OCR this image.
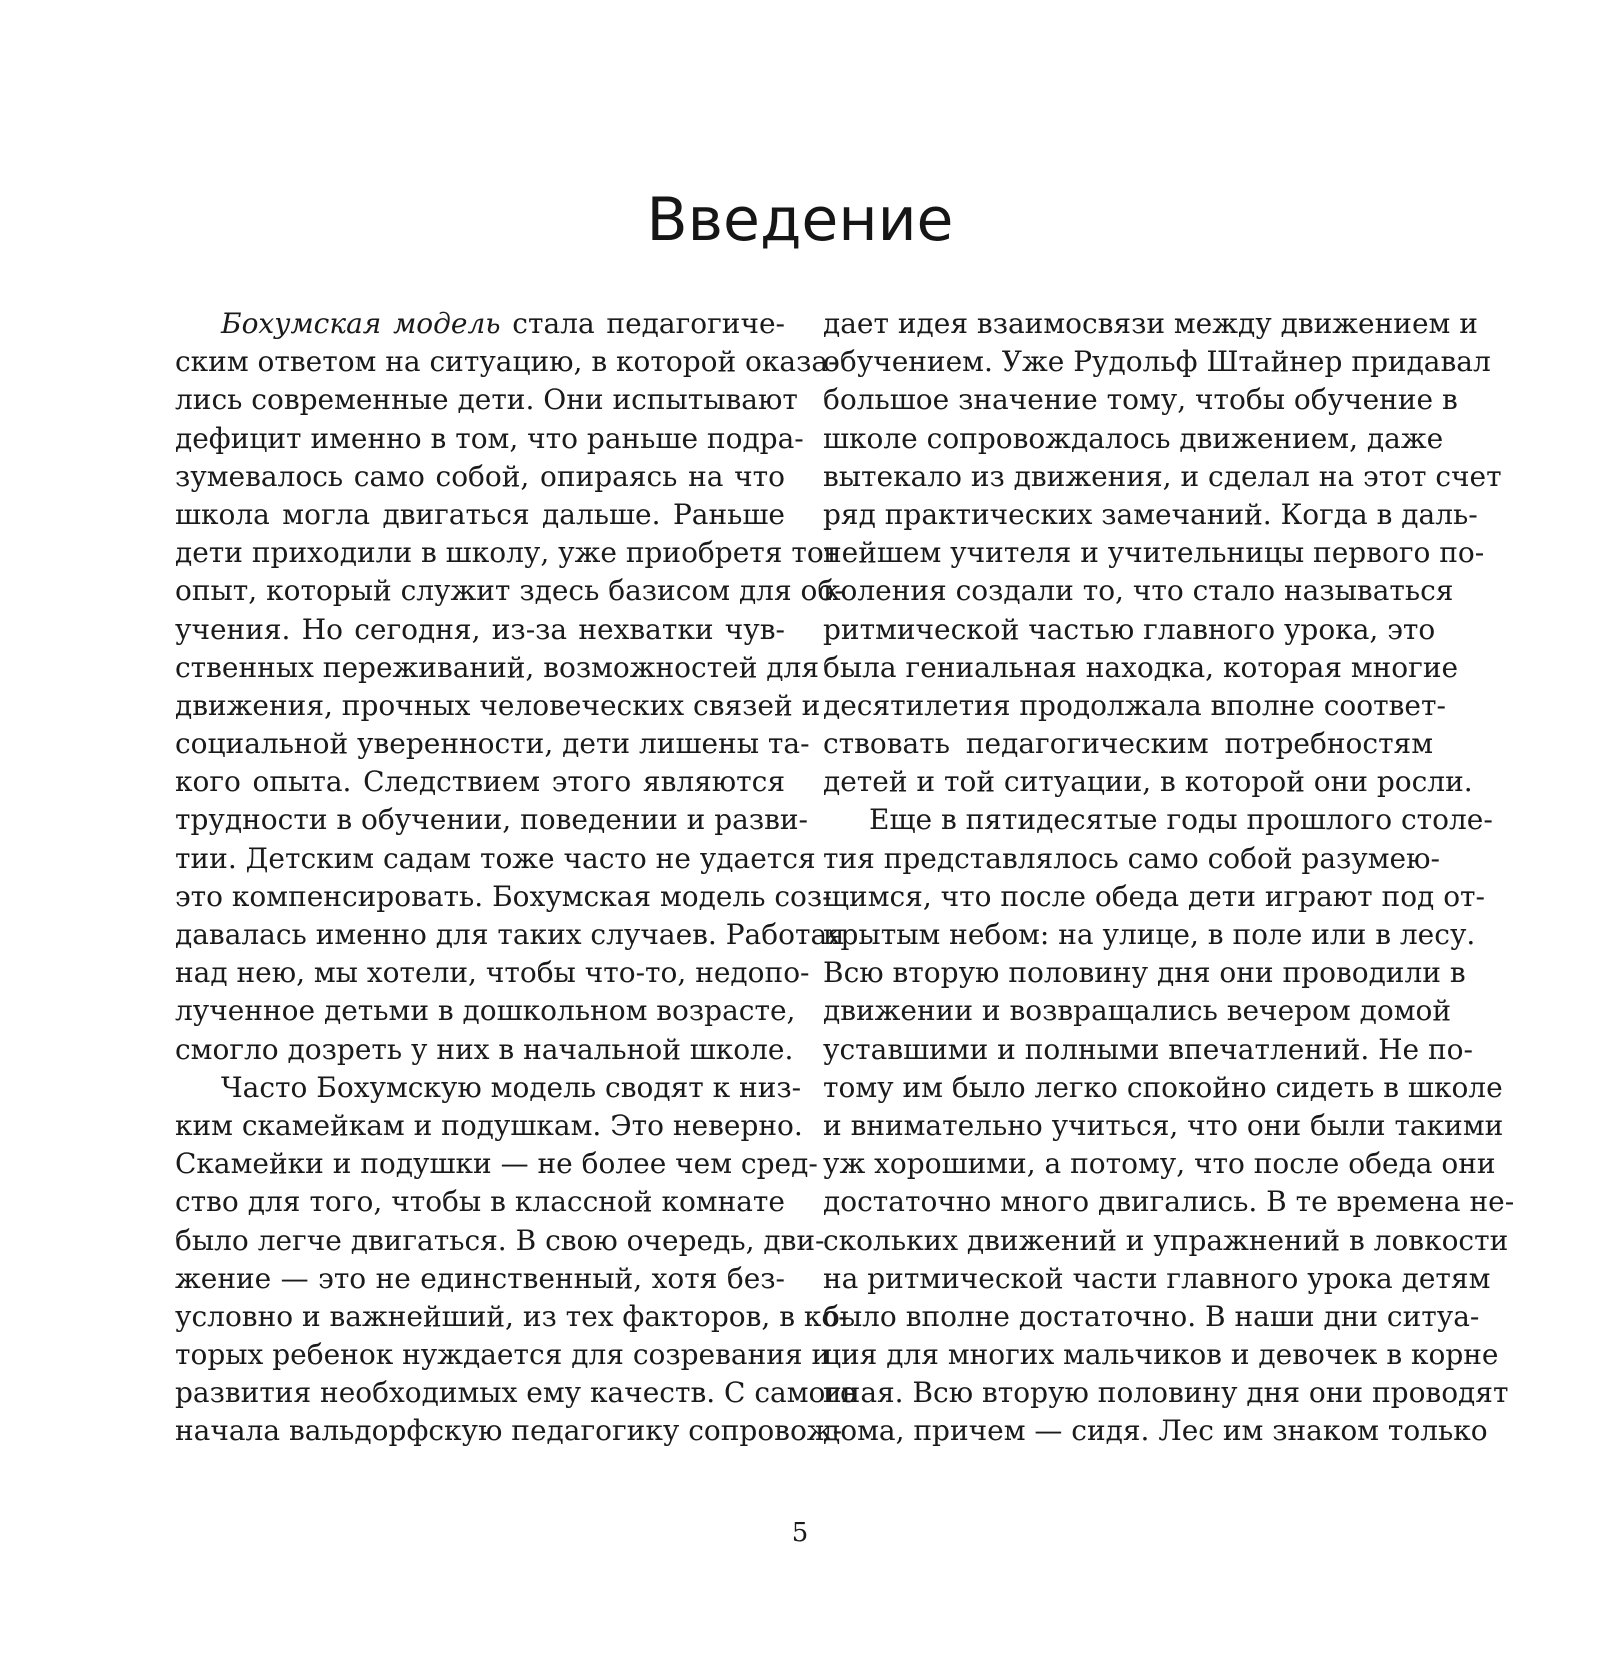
Введение
Бохумская модель стала педагогиче-
ским ответом на ситуацию, в которой оказа-
лись современные дети. Они испытывают
дефицит именно в том, что раньше подра-
зумевалось само собой, опираясь на что
школа могла двигаться дальше. Раньше
дети приходили в школу, уже приобретя тот
опыт, который служит здесь базисом для об-
учения. Но сегодня, из-за нехватки чув-
ственных переживаний, возможностей для
движения, прочных человеческих связей и
социальной уверенности, дети лишены та-
кого опыта. Следствием этого являются
трудности в обучении, поведении и разви-
тии. Детским садам тоже часто не удается
это компенсировать. Бохумская модель соз-
давалась именно для таких случаев. Работая
над нею, мы хотели, чтобы что-то, недопо-
лученное детьми в дошкольном возрасте,
смогло дозреть у них в начальной школе.
Часто Бохумскую модель сводят к низ-
ким скамейкам и подушкам. Это неверно.
Скамейки и подушки — не более чем сред-
ство для того, чтобы в классной комнате
было легче двигаться. В свою очередь, дви-
жение — это не единственный, хотя без-
условно и важнейший, из тех факторов, в ко-
торых ребенок нуждается для созревания и
развития необходимых ему качеств. С самого
начала вальдорфскую педагогику сопровож-
дает идея взаимосвязи между движением и
обучением. Уже Рудольф Штайнер придавал
большое значение тому, чтобы обучение в
школе сопровождалось движением, даже
вытекало из движения, и сделал на этот счет
ряд практических замечаний. Когда в даль-
нейшем учителя и учительницы первого по-
коления создали то, что стало называться
ритмической частью главного урока, это
была гениальная находка, которая многие
десятилетия продолжала вполне соответ-
ствовать педагогическим потребностям
детей и той ситуации, в которой они росли.
Еще в пятидесятые годы прошлого столе-
тия представлялось само собой разумею-
щимся, что после обеда дети играют под от-
крытым небом: на улице, в поле или в лесу.
Всю вторую половину дня они проводили в
движении и возвращались вечером домой
уставшими и полными впечатлений. Не по-
тому им было легко спокойно сидеть в школе
и внимательно учиться, что они были такими
уж хорошими, а потому, что после обеда они
достаточно много двигались. В те времена не-
скольких движений и упражнений в ловкости
на ритмической части главного урока детям
было вполне достаточно. В наши дни ситуа-
ция для многих мальчиков и девочек в корне
иная. Всю вторую половину дня они проводят
дома, причем — сидя. Лес им знаком только
5
